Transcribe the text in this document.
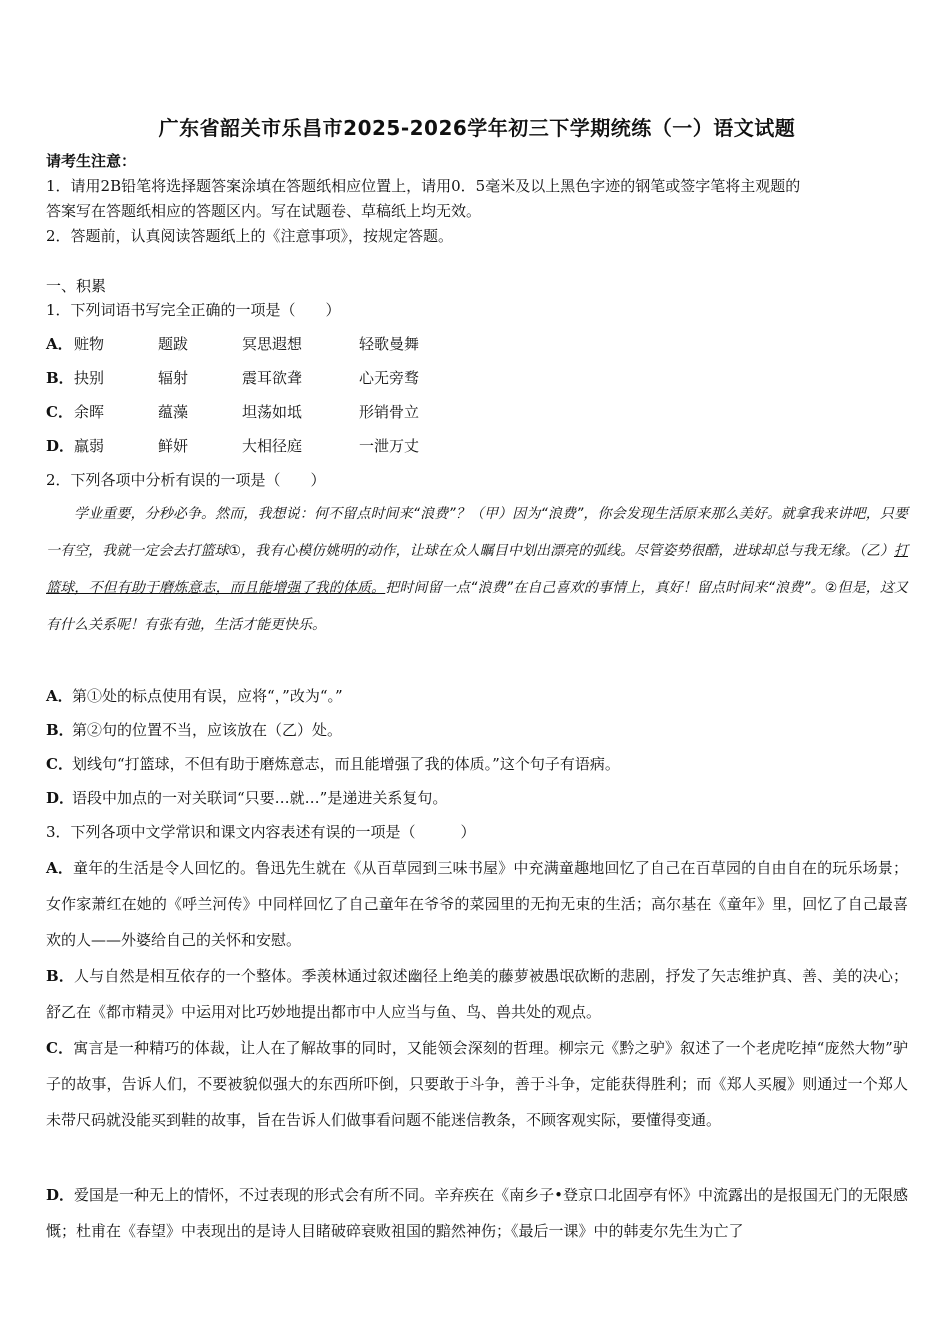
广东省韶关市乐昌市2025-2026学年初三下学期统练（一）语文试题
请考生注意：
1．请用2B铅笔将选择题答案涂填在答题纸相应位置上，请用0．5毫米及以上黑色字迹的钢笔或签字笔将主观题的
答案写在答题纸相应的答题区内。写在试题卷、草稿纸上均无效。
2．答题前，认真阅读答题纸上的《注意事项》，按规定答题。
一、积累
1．下列词语书写完全正确的一项是（　　）
A． 赃物	题跋	冥思遐想	轻歌曼舞
B． 抉别	辐射	震耳欲聋	心无旁骛
C． 余晖	蕴藻	坦荡如坻	形销骨立
D． 羸弱	鲜妍	大相径庭	一泄万丈
2．下列各项中分析有误的一项是（　　）
学业重要，分秒必争。然而，我想说：何不留点时间来“浪费”？（甲）因为“浪费”，你会发现生活原来那么美好。就拿我来讲吧，只要一有空，我就一定会去打篮球①，我有心模仿姚明的动作，让球在众人瞩目中划出漂亮的弧线。尽管姿势很酷，进球却总与我无缘。（乙）打篮球，不但有助于磨炼意志，而且能增强了我的体质。把时间留一点“浪费”在自己喜欢的事情上，真好！留点时间来“浪费”。②但是，这又有什么关系呢！有张有弛，生活才能更快乐。
A．第①处的标点使用有误，应将“，”改为“。”
B．第②句的位置不当，应该放在（乙）处。
C．划线句“打篮球，不但有助于磨炼意志，而且能增强了我的体质。”这个句子有语病。
D．语段中加点的一对关联词“只要…就…”是递进关系复句。
3．下列各项中文学常识和课文内容表述有误的一项是（　　　）
A．童年的生活是令人回忆的。鲁迅先生就在《从百草园到三味书屋》中充满童趣地回忆了自己在百草园的自由自在的玩乐场景；女作家萧红在她的《呼兰河传》中同样回忆了自己童年在爷爷的菜园里的无拘无束的生活；高尔基在《童年》里，回忆了自己最喜欢的人——外婆给自己的关怀和安慰。
B．人与自然是相互依存的一个整体。季羡林通过叙述幽径上绝美的藤萝被愚氓砍断的悲剧，抒发了矢志维护真、善、美的决心；舒乙在《都市精灵》中运用对比巧妙地提出都市中人应当与鱼、鸟、兽共处的观点。
C．寓言是一种精巧的体裁，让人在了解故事的同时，又能领会深刻的哲理。柳宗元《黔之驴》叙述了一个老虎吃掉“庞然大物”驴子的故事，告诉人们，不要被貌似强大的东西所吓倒，只要敢于斗争，善于斗争，定能获得胜利；而《郑人买履》则通过一个郑人未带尺码就没能买到鞋的故事，旨在告诉人们做事看问题不能迷信教条，不顾客观实际，要懂得变通。
D．爱国是一种无上的情怀，不过表现的形式会有所不同。辛弃疾在《南乡子•登京口北固亭有怀》中流露出的是报国无门的无限感慨；杜甫在《春望》中表现出的是诗人目睹破碎衰败祖国的黯然神伤；《最后一课》中的韩麦尔先生为亡了
